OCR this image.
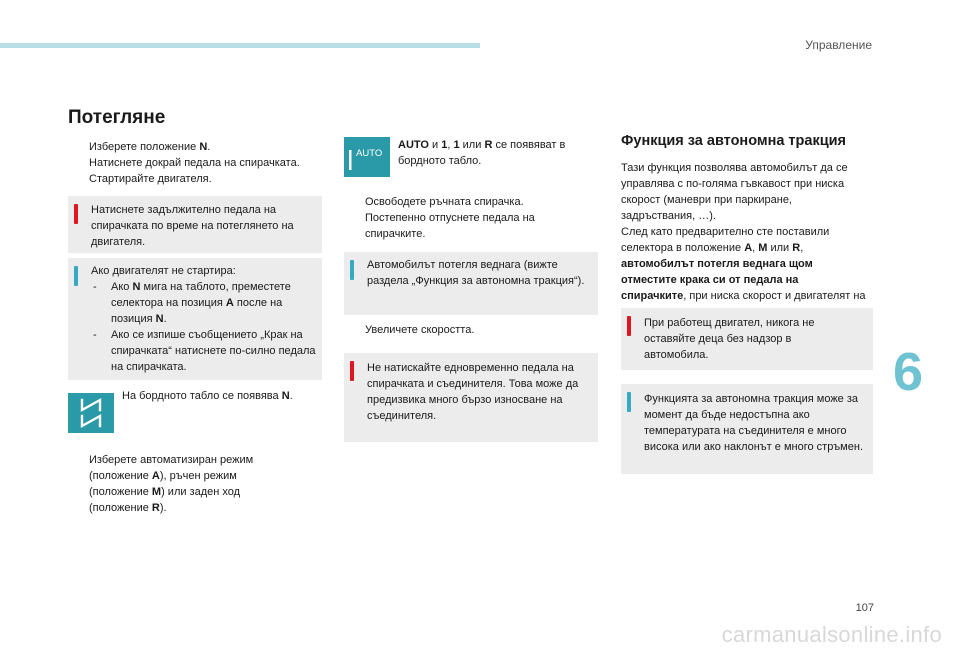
Управление
6
107
carmanualsonline.info
Потегляне
Изберете положение N.
Натиснете докрай педала на спирачката.
Стартирайте двигателя.

Натиснете задължително педала на спирачката по време на потеглянето на двигателя.

Ако двигателят не стартира:

- Ако N мига на таблото, преместете селектора на позиция A после на позиция N.
- Ако се изпише съобщението „Крак на спирачката“ натиснете по-силно педала на спирачката.

На бордното табло се появява N.

Изберете автоматизиран режим (положение A), ръчен режим (положение M) или заден ход (положение R).
AUTO

AUTO и 1, 1 или R се появяват в бордното табло.

Освободете ръчната спирачка.
Постепенно отпуснете педала на спирачките.

Автомобилът потегля веднага (вижте раздела „Функция за автономна тракция“).

Увеличете скоростта.

Не натискайте едновременно педала на спирачката и съединителя. Това може да предизвика много бързо износване на съединителя.

Функция за автономна тракция

Тази функция позволява автомобилът да се управлява с по-голяма гъвкавост при ниска скорост (маневри при паркиране, задръствания, …).

След като предварително сте поставили селектора в положение A, M или R, автомобилът потегля веднага щом отместите крака си от педала на спирачките, при ниска скорост и двигателят на

При работещ двигател, никога не оставяйте деца без надзор в автомобила.

Функцията за автономна тракция може за момент да бъде недостъпна ако температурата на съединителя е много висока или ако наклонът е много стръмен.
